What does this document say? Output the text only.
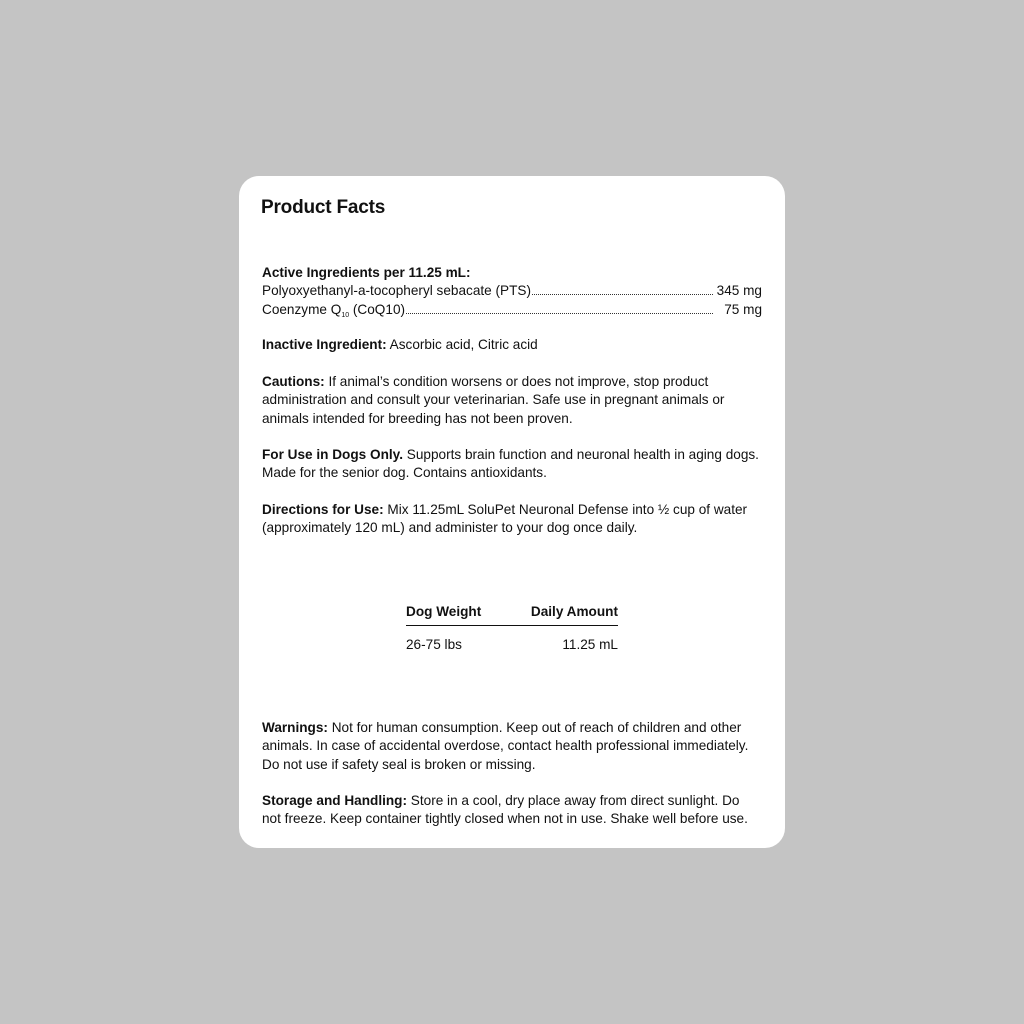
Product Facts
Active Ingredients per 11.25 mL:
Polyoxyethanyl-a-tocopheryl sebacate (PTS)	345 mg
Coenzyme $Q_{10}$ (CoQ10)	75 mg
Inactive Ingredient: Ascorbic acid, Citric acid
Cautions: If animal’s condition worsens or does not improve, stop product administration and consult your veterinarian. Safe use in pregnant animals or animals intended for breeding has not been proven.
For Use in Dogs Only. Supports brain function and neuronal health in aging dogs. Made for the senior dog. Contains antioxidants.
Directions for Use: Mix 11.25mL SoluPet Neuronal Defense into ½ cup of water (approximately 120 mL) and administer to your dog once daily.
Dog Weight	Daily Amount
26-75 lbs	11.25 mL
Warnings: Not for human consumption. Keep out of reach of children and other animals. In case of accidental overdose, contact health professional immediately. Do not use if safety seal is broken or missing.
Storage and Handling: Store in a cool, dry place away from direct sunlight. Do not freeze. Keep container tightly closed when not in use. Shake well before use.
